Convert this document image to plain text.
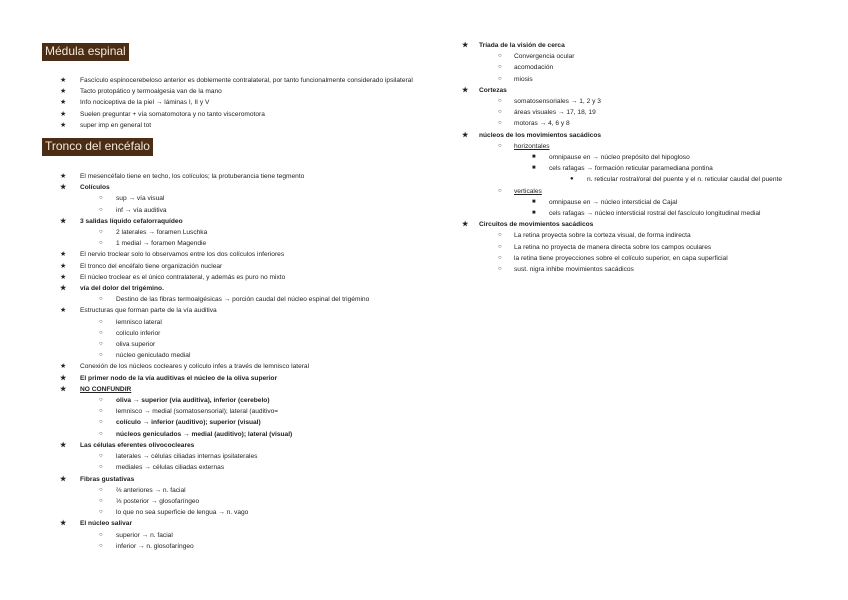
Médula espinal
★ Fascículo espinocerebeloso anterior es doblemente contralateral, por tanto funcionalmente considerado ipsilateral
★ Tacto protopático y termoalgesia van de la mano
★ Info nociceptiva de la piel → láminas I, II y V
★ Suelen preguntar + vía somatomotora y no tanto visceromotora
★ super imp en general tot
Tronco del encéfalo
★ El mesencéfalo tiene en techo, los colículos; la protuberancia tiene tegmento
★ Colículos
○ sup → vía visual
○ inf → vía auditiva
★ 3 salidas líquido cefalorraquídeo
○ 2 laterales → foramen Luschka
○ 1 medial → foramen Magendie
★ El nervio troclear solo lo observamos entre los dos colículos inferiores
★ El tronco del encéfalo tiene organización nuclear
★ El núcleo troclear es el único contralateral, y además es puro no mixto
★ vía del dolor del trigémino.
○ Destino de las fibras termoalgésicas → porción caudal del núcleo espinal del trigémino
★ Estructuras que forman parte de la vía auditiva
○ lemnisco lateral
○ colículo inferior
○ oliva superior
○ núcleo geniculado medial
★ Conexión de los núcleos cocleares y colículo infes a través de lemnisco lateral
★ El primer nodo de la vía auditivas el núcleo de la oliva superior
★ NO CONFUNDIR
○ oliva → superior (vía auditiva), inferior (cerebelo)
○ lemnisco → medial (somatosensorial); lateral (auditivo=
○ colículo → inferior (auditivo); superior (visual)
○ núcleos geniculados → medial (auditivo); lateral (visual)
★ Las células eferentes olivococleares
○ laterales → células ciliadas internas ipsilaterales
○ mediales → células ciliadas externas
★ Fibras gustativas
○ ⅔ anteriores → n. facial
○ ⅓ posterior → glosofaríngeo
○ lo que no sea superficie de lengua → n. vago
★ El núcleo salivar
○ superior → n. facial
○ inferior → n. glosofaríngeo
★ Tríada de la visión de cerca
○ Convergencia ocular
○ acomodación
○ miosis
★ Cortezas
○ somatosensoriales → 1, 2 y 3
○ áreas visuales → 17, 18, 19
○ motoras → 4, 6 y 8
★ núcleos de los movimientos sacádicos
○ horizontales
■ omnipause en → núcleo prepósito del hipogloso
■ cels rafagas → formación reticular paramediana pontina
● n. reticular rostral/oral del puente y el n. reticular caudal del puente
○ verticales
■ omnipause en → núcleo intersticial de Cajal
■ cels rafagas → núcleo intersticial rostral del fascículo longitudinal medial
★ Circuitos de movimientos sacádicos
○ La retina proyecta sobre la corteza visual, de forma indirecta
○ La retina no proyecta de manera directa sobre los campos oculares
○ la retina tiene proyecciones sobre el colículo superior, en capa superficial
○ sust. nigra inhibe movimientos sacádicos
